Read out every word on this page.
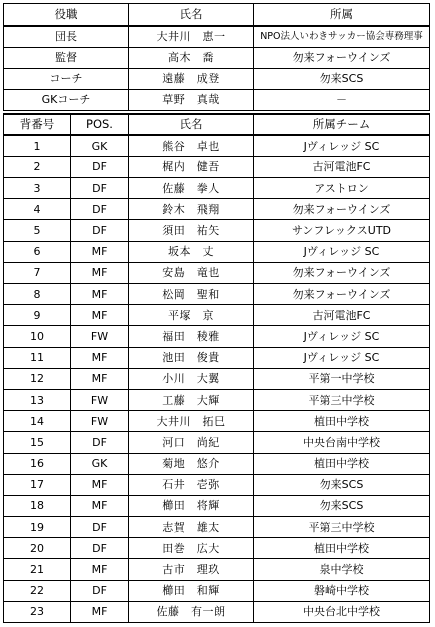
役職	氏名	所属
団長	大井川　恵一	NPO法人いわきサッカー協会専務理事
監督	高木　喬	勿来フォーウインズ
コーチ	遠藤　成登	勿来SCS
GKコーチ	草野　真哉	－
背番号	POS.	氏名	所属チーム
1	GK	熊谷　卓也	Jヴィレッジ SC
2	DF	梶内　健吾	古河電池FC
3	DF	佐藤　拳人	アストロン
4	DF	鈴木　飛翔	勿来フォーウインズ
5	DF	須田　祐矢	サンフレックスUTD
6	MF	坂本　丈	Jヴィレッジ SC
7	MF	安島　竜也	勿来フォーウインズ
8	MF	松岡　聖和	勿来フォーウインズ
9	MF	平塚　京	古河電池FC
10	FW	福田　稜雅	Jヴィレッジ SC
11	MF	池田　俊貴	Jヴィレッジ SC
12	MF	小川　大翼	平第一中学校
13	FW	工藤　大輝	平第三中学校
14	FW	大井川　拓巳	植田中学校
15	DF	河口　尚紀	中央台南中学校
16	GK	菊地　悠介	植田中学校
17	MF	石井　壱弥	勿来SCS
18	MF	櫛田　将輝	勿来SCS
19	DF	志賀　雄太	平第三中学校
20	DF	田巻　広大	植田中学校
21	MF	古市　理玖	泉中学校
22	DF	櫛田　和輝	磐崎中学校
23	MF	佐藤　有一朗	中央台北中学校
